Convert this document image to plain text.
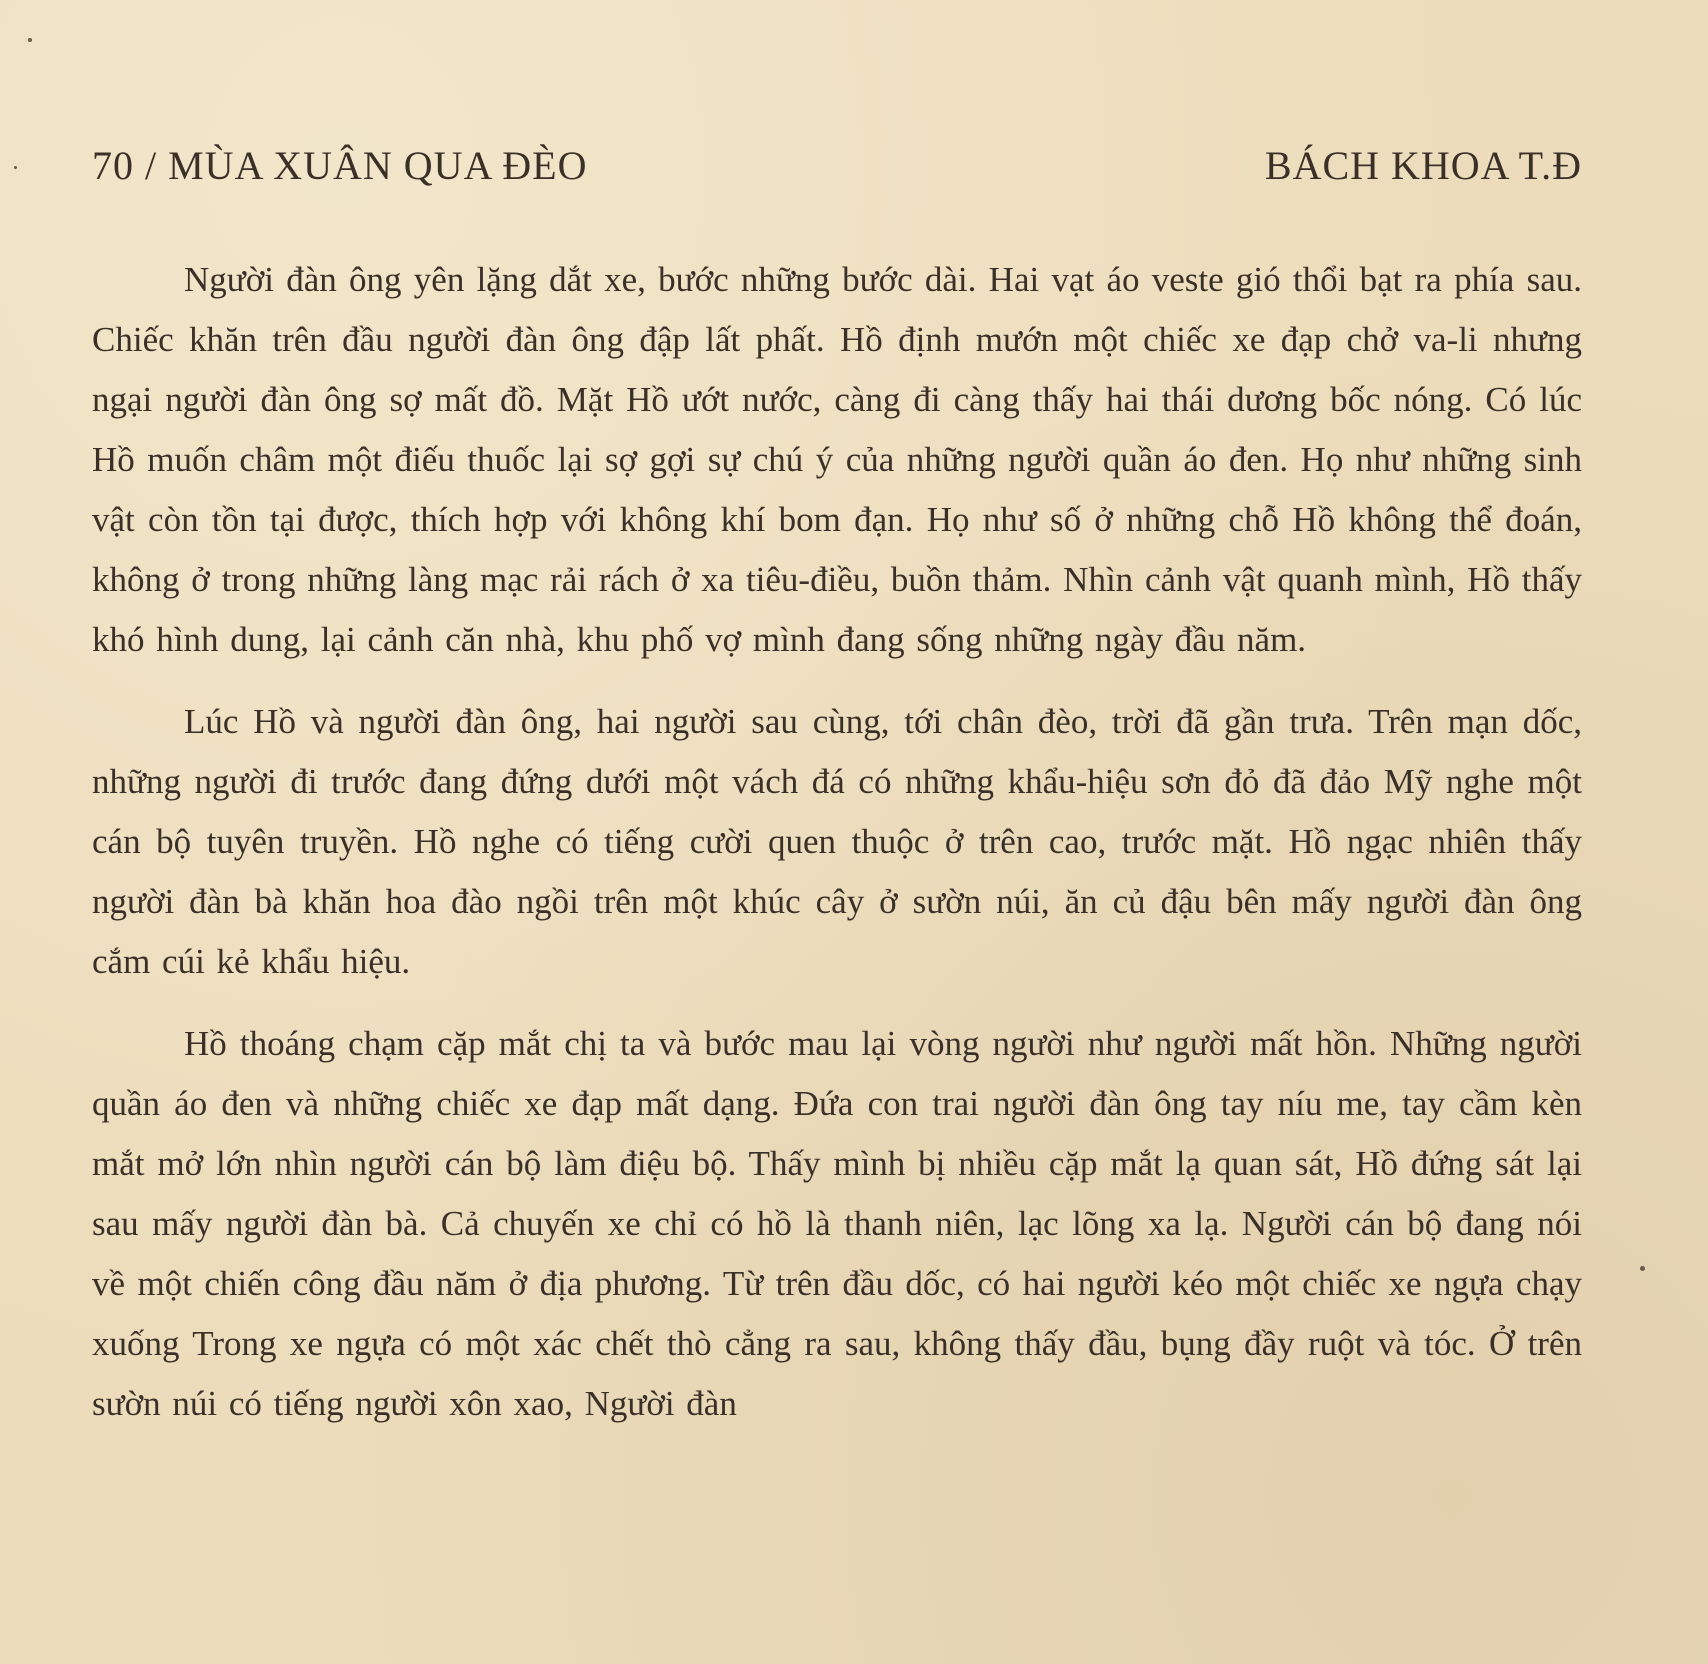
70 / MÙA XUÂN QUA ĐÈO	BÁCH KHOA T.Đ

Người đàn ông yên lặng dắt xe, bước những bước dài. Hai vạt áo veste gió thổi bạt ra phía sau. Chiếc khăn trên đầu người đàn ông đập lất phất. Hồ định mướn một chiếc xe đạp chở va-li nhưng ngại người đàn ông sợ mất đồ. Mặt Hồ ướt nước, càng đi càng thấy hai thái dương bốc nóng. Có lúc Hồ muốn châm một điếu thuốc lại sợ gợi sự chú ý của những người quần áo đen. Họ như những sinh vật còn tồn tại được, thích hợp với không khí bom đạn. Họ như số ở những chỗ Hồ không thể đoán, không ở trong những làng mạc rải rách ở xa tiêu-điều, buồn thảm. Nhìn cảnh vật quanh mình, Hồ thấy khó hình dung, lại cảnh căn nhà, khu phố vợ mình đang sống những ngày đầu năm.

Lúc Hồ và người đàn ông, hai người sau cùng, tới chân đèo, trời đã gần trưa. Trên mạn dốc, những người đi trước đang đứng dưới một vách đá có những khẩu-hiệu sơn đỏ đã đảo Mỹ nghe một cán bộ tuyên truyền. Hồ nghe có tiếng cười quen thuộc ở trên cao, trước mặt. Hồ ngạc nhiên thấy người đàn bà khăn hoa đào ngồi trên một khúc cây ở sườn núi, ăn củ đậu bên mấy người đàn ông cắm cúi kẻ khẩu hiệu.

Hồ thoáng chạm cặp mắt chị ta và bước mau lại vòng người như người mất hồn. Những người quần áo đen và những chiếc xe đạp mất dạng. Đứa con trai người đàn ông tay níu me, tay cầm kèn mắt mở lớn nhìn người cán bộ làm điệu bộ. Thấy mình bị nhiều cặp mắt lạ quan sát, Hồ đứng sát lại sau mấy người đàn bà. Cả chuyến xe chỉ có hồ là thanh niên, lạc lõng xa lạ. Người cán bộ đang nói về một chiến công đầu năm ở địa phương. Từ trên đầu dốc, có hai người kéo một chiếc xe ngựa chạy xuống Trong xe ngựa có một xác chết thò cẳng ra sau, không thấy đầu, bụng đầy ruột và tóc. Ở trên sườn núi có tiếng người xôn xao, Người đàn
